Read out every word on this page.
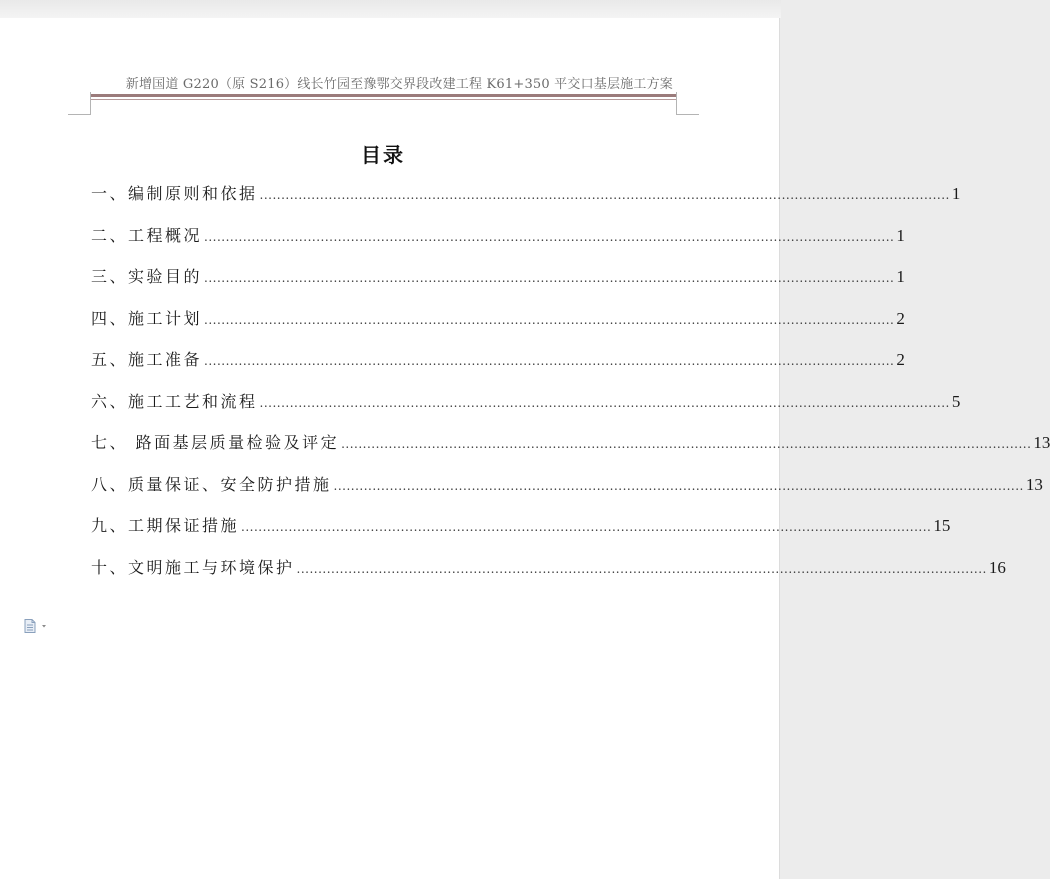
新增国道 G220（原 S216）线长竹园至豫鄂交界段改建工程 K61+350 平交口基层施工方案
目录
一、编制原则和依据 ................................................................................................................................................................ 1
二、工程概况 ................................................................................................................................................................ 1
三、实验目的 ................................................................................................................................................................ 1
四、施工计划 ................................................................................................................................................................ 2
五、施工准备 ................................................................................................................................................................ 2
六、施工工艺和流程 ................................................................................................................................................................ 5
七、 路面基层质量检验及评定 ................................................................................................................................................................ 13
八、质量保证、安全防护措施 ................................................................................................................................................................ 13
九、工期保证措施 ................................................................................................................................................................ 15
十、文明施工与环境保护 ................................................................................................................................................................ 16
